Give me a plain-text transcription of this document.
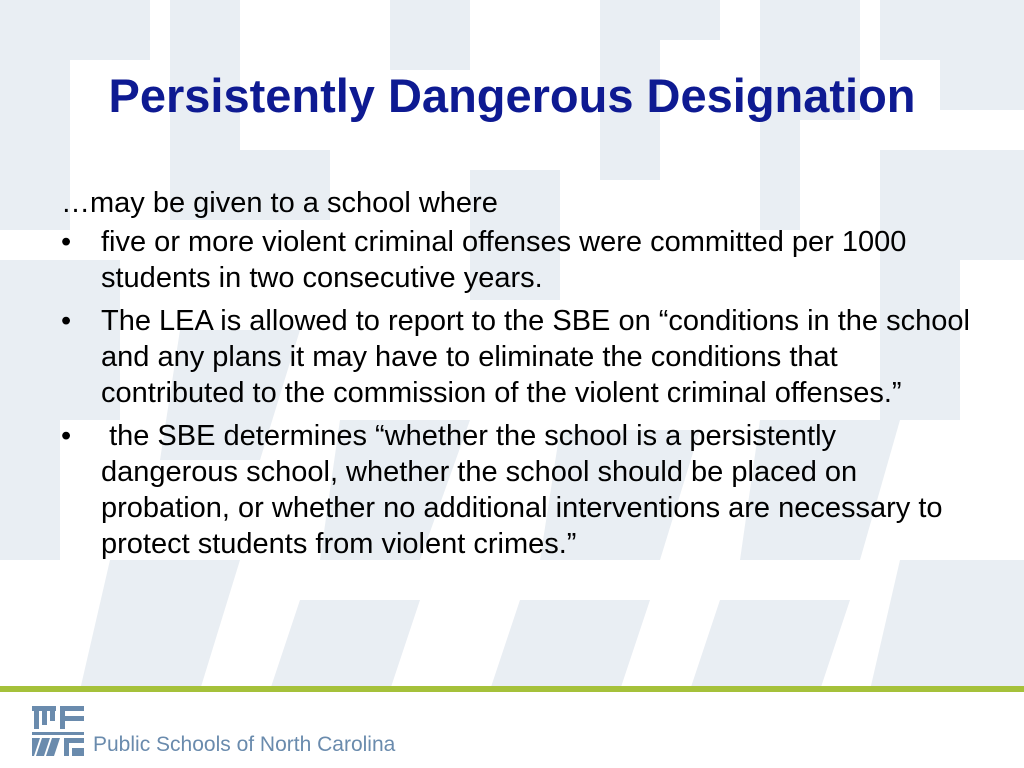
Persistently Dangerous Designation
…may be given to a school where
•	five or more violent criminal offenses were committed per 1000 students in two consecutive years.
•	The LEA is allowed to report to the SBE on “conditions in the school and any plans it may have to eliminate the conditions that contributed to the commission of the violent criminal offenses.”
•	the SBE determines “whether the school is a persistently dangerous school, whether the school should be placed on probation, or whether no additional interventions are necessary to protect students from violent crimes.”
Public Schools of North Carolina
